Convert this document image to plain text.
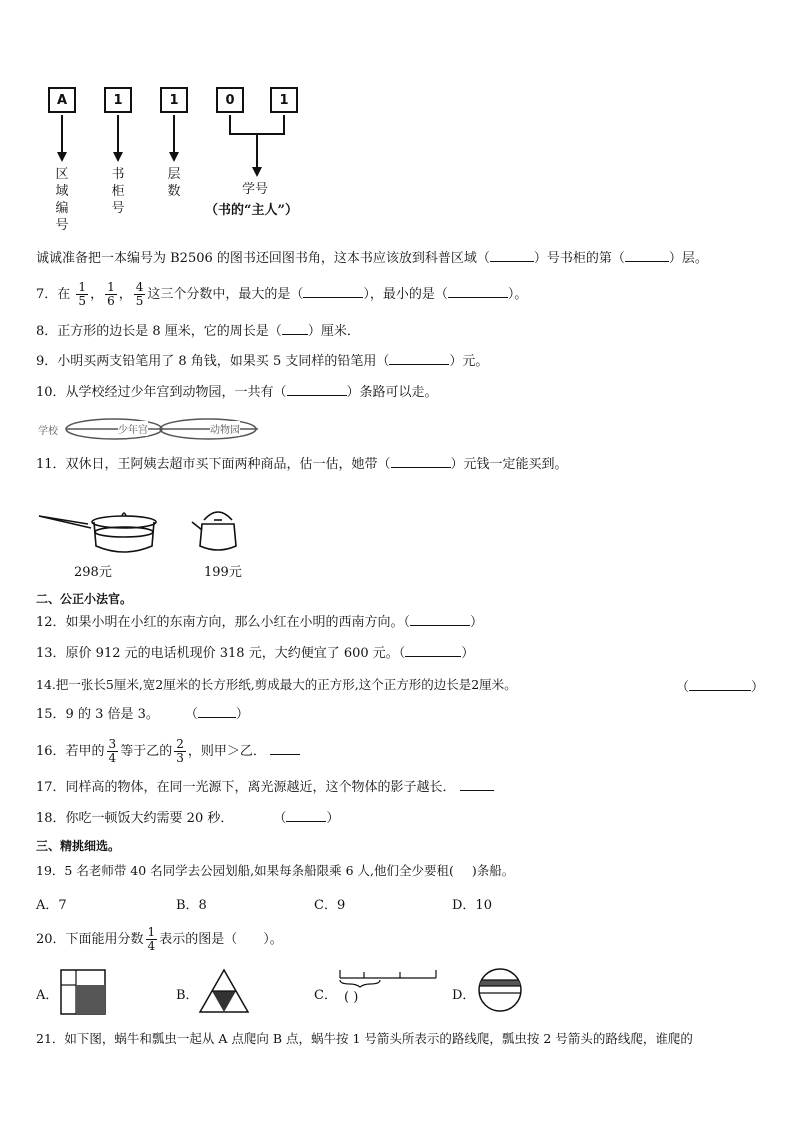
A	1	1	0	1
区域编号
书柜号
层数	学号
（书的“主人”）
诚诚准备把一本编号为 B2506 的图书还回图书角，这本书应该放到科普区域（	）号书柜的第（	）层。
7．在 $\frac{1}{5}$ ， $\frac{1}{6}$ ， $\frac{4}{5}$ 这三个分数中，最大的是（	），最小的是（	）。
8．正方形的边长是 8 厘米，它的周长是（ ）厘米．
9．小明买两支铅笔用了 8 角钱，如果买 5 支同样的铅笔用（	）元。
10．从学校经过少年宫到动物园，一共有（	）条路可以走。
学校	少年宫	动物园
11．双休日，王阿姨去超市买下面两种商品，估一估，她带（	）元钱一定能买到。
298元	199元
二、公正小法官。
12．如果小明在小红的东南方向，那么小红在小明的西南方向。（	）
13．原价 912 元的电话机现价 318 元，大约便宜了 600 元。（	）
14.把一张长5厘米,宽2厘米的长方形纸,剪成最大的正方形,这个正方形的边长是2厘米。	（	）
15．9 的 3 倍是 3。 （	）
16．若甲的 $\frac{3}{4}$ 等于乙的 $\frac{2}{3}$ ，则甲＞乙．
17．同样高的物体，在同一光源下，离光源越近，这个物体的影子越长．
18．你吃一顿饭大约需要 20 秒．	（	）
三、精挑细选。
19．5 名老师带 40 名同学去公园划船,如果每条船限乘 6 人,他们全少要租( )条船。
A．7	B．8	C．9	D．10
20．下面能用分数 $\frac{1}{4}$ 表示的图是（　　）。
A．	B．	C． ( )	D．
21．如下图，蜗牛和瓢虫一起从 A 点爬向 B 点，蜗牛按 1 号箭头所表示的路线爬，瓢虫按 2 号箭头的路线爬，谁爬的
